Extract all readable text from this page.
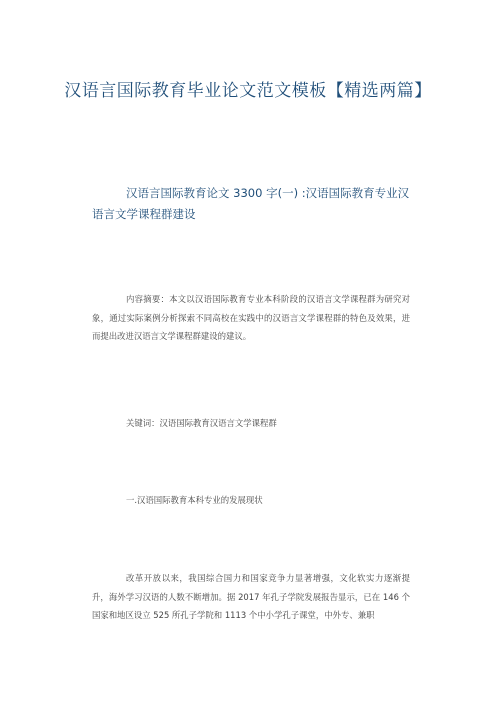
汉语言国际教育毕业论文范文模板【精选两篇】
汉语言国际教育论文 3300 字(一) :汉语国际教育专业汉语言文学课程群建设
内容摘要：本文以汉语国际教育专业本科阶段的汉语言文学课程群为研究对象，通过实际案例分析探索不同高校在实践中的汉语言文学课程群的特色及效果，进而提出改进汉语言文学课程群建设的建议。
关键词：汉语国际教育汉语言文学课程群
一.汉语国际教育本科专业的发展现状
改革开放以来，我国综合国力和国家竞争力显著增强，文化软实力逐渐提升，海外学习汉语的人数不断增加。据 2017 年孔子学院发展报告显示，已在 146 个国家和地区设立 525 所孔子学院和 1113 个中小学孔子课堂，中外专、兼职
